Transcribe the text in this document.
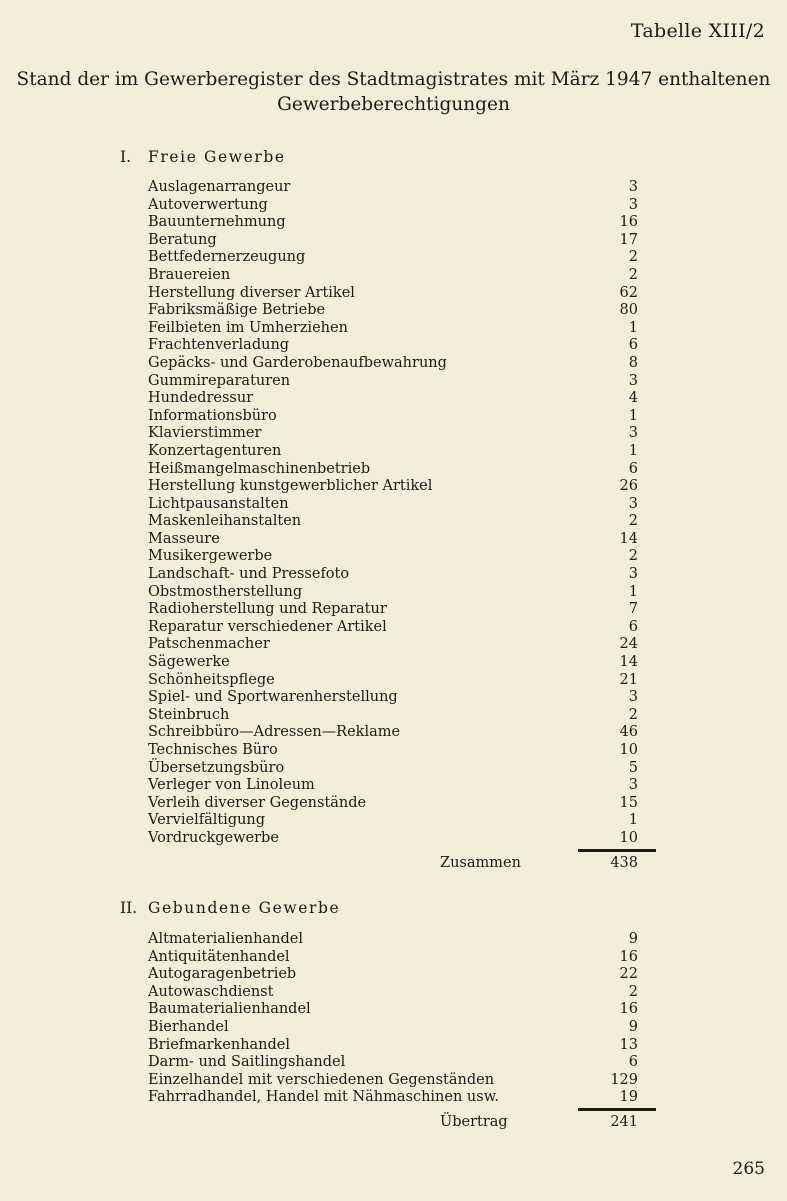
Tabelle XIII/2
Stand der im Gewerberegister des Stadtmagistrates mit März 1947 enthaltenen
Gewerbeberechtigungen
I. Freie Gewerbe
Auslagenarrangeur	3
Autoverwertung	3
Bauunternehmung	16
Beratung	17
Bettfedernerzeugung	2
Brauereien	2
Herstellung diverser Artikel	62
Fabriksmäßige Betriebe	80
Feilbieten im Umherziehen	1
Frachtenverladung	6
Gepäcks- und Garderobenaufbewahrung	8
Gummireparaturen	3
Hundedressur	4
Informationsbüro	1
Klavierstimmer	3
Konzertagenturen	1
Heißmangelmaschinenbetrieb	6
Herstellung kunstgewerblicher Artikel	26
Lichtpausanstalten	3
Maskenleihanstalten	2
Masseure	14
Musikergewerbe	2
Landschaft- und Pressefoto	3
Obstmostherstellung	1
Radioherstellung und Reparatur	7
Reparatur verschiedener Artikel	6
Patschenmacher	24
Sägewerke	14
Schönheitspflege	21
Spiel- und Sportwarenherstellung	3
Steinbruch	2
Schreibbüro—Adressen—Reklame	46
Technisches Büro	10
Übersetzungsbüro	5
Verleger von Linoleum	3
Verleih diverser Gegenstände	15
Vervielfältigung	1
Vordruckgewerbe	10
Zusammen	438
II. Gebundene Gewerbe
Altmaterialienhandel	9
Antiquitätenhandel	16
Autogaragenbetrieb	22
Autowaschdienst	2
Baumaterialienhandel	16
Bierhandel	9
Briefmarkenhandel	13
Darm- und Saitlingshandel	6
Einzelhandel mit verschiedenen Gegenständen	129
Fahrradhandel, Handel mit Nähmaschinen usw.	19
Übertrag	241
265
